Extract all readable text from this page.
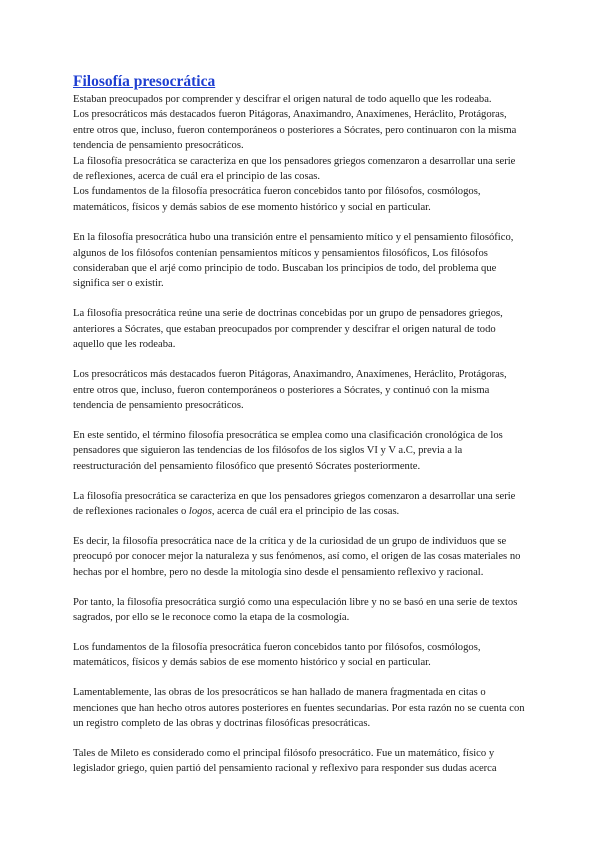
Filosofía presocrática

Estaban preocupados por comprender y descifrar el origen natural de todo aquello que les rodeaba.

Los presocráticos más destacados fueron Pitágoras, Anaximandro, Anaxímenes, Heráclito, Protágoras, entre otros que, incluso, fueron contemporáneos o posteriores a Sócrates, pero continuaron con la misma tendencia de pensamiento presocráticos.

La filosofía presocrática se caracteriza en que los pensadores griegos comenzaron a desarrollar una serie de reflexiones, acerca de cuál era el principio de las cosas.

Los fundamentos de la filosofía presocrática fueron concebidos tanto por filósofos, cosmólogos, matemáticos, físicos y demás sabios de ese momento histórico y social en particular.

En la filosofía presocrática hubo una transición entre el pensamiento mítico y el pensamiento filosófico, algunos de los filósofos contenían pensamientos míticos y pensamientos filosóficos, Los filósofos consideraban que el arjé como principio de todo. Buscaban los principios de todo, del problema que significa ser o existir.

La filosofía presocrática reúne una serie de doctrinas concebidas por un grupo de pensadores griegos, anteriores a Sócrates, que estaban preocupados por comprender y descifrar el origen natural de todo aquello que les rodeaba.

Los presocráticos más destacados fueron Pitágoras, Anaximandro, Anaxímenes, Heráclito, Protágoras, entre otros que, incluso, fueron contemporáneos o posteriores a Sócrates, y continuó con la misma tendencia de pensamiento presocráticos.

En este sentido, el término filosofía presocrática se emplea como una clasificación cronológica de los pensadores que siguieron las tendencias de los filósofos de los siglos VI y V a.C, previa a la reestructuración del pensamiento filosófico que presentó Sócrates posteriormente.

La filosofía presocrática se caracteriza en que los pensadores griegos comenzaron a desarrollar una serie de reflexiones racionales o logos, acerca de cuál era el principio de las cosas.

Es decir, la filosofía presocrática nace de la crítica y de la curiosidad de un grupo de individuos que se preocupó por conocer mejor la naturaleza y sus fenómenos, así como, el origen de las cosas materiales no hechas por el hombre, pero no desde la mitología sino desde el pensamiento reflexivo y racional.

Por tanto, la filosofía presocrática surgió como una especulación libre y no se basó en una serie de textos sagrados, por ello se le reconoce como la etapa de la cosmología.

Los fundamentos de la filosofía presocrática fueron concebidos tanto por filósofos, cosmólogos, matemáticos, físicos y demás sabios de ese momento histórico y social en particular.

Lamentablemente, las obras de los presocráticos se han hallado de manera fragmentada en citas o menciones que han hecho otros autores posteriores en fuentes secundarias. Por esta razón no se cuenta con un registro completo de las obras y doctrinas filosóficas presocráticas.

Tales de Mileto es considerado como el principal filósofo presocrático. Fue un matemático, físico y legislador griego, quien partió del pensamiento racional y reflexivo para responder sus dudas acerca
